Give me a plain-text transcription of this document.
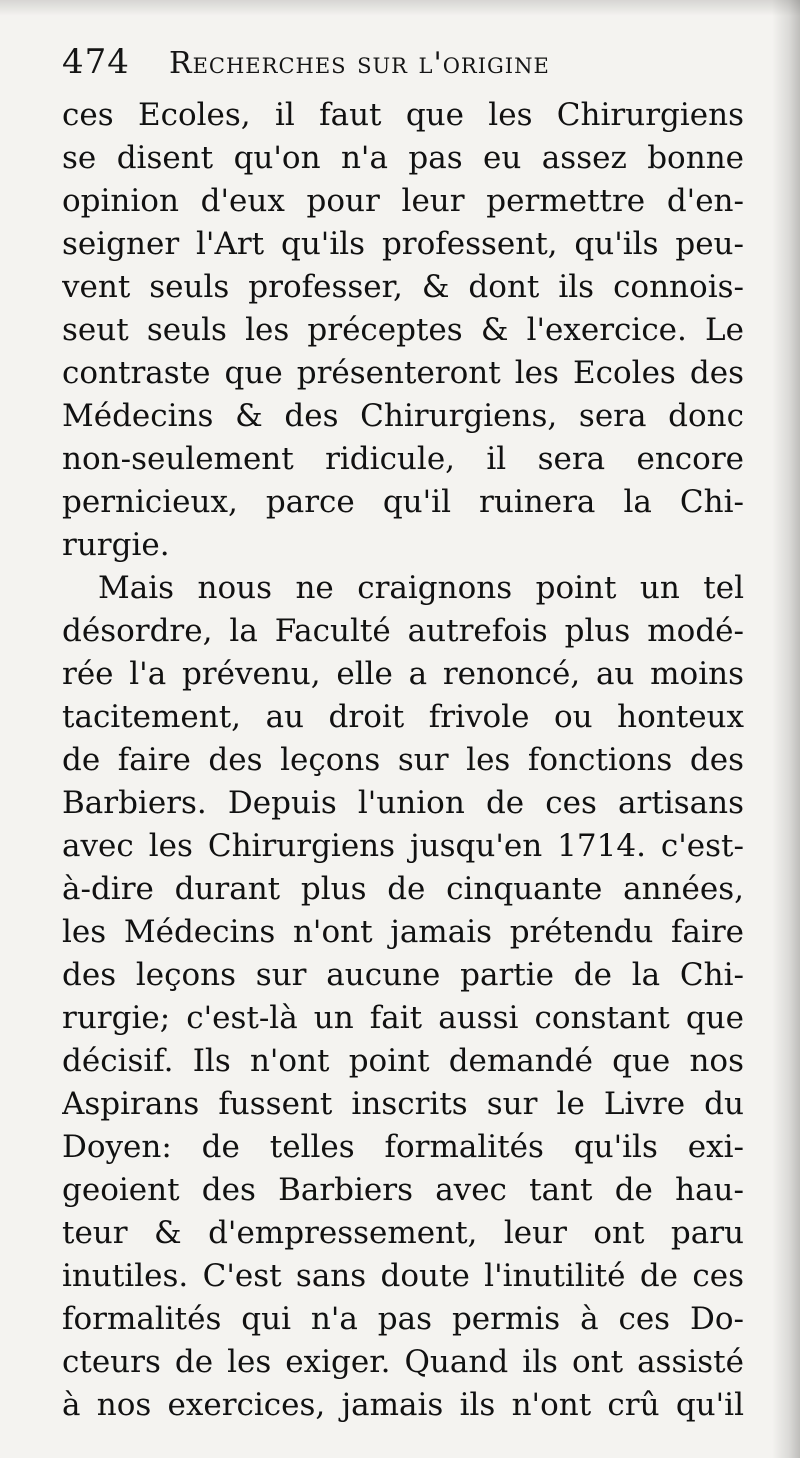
474 Recherches sur l'origine
ces Ecoles, il faut que les Chirurgiens
se disent qu'on n'a pas eu assez bonne
opinion d'eux pour leur permettre d'en-
seigner l'Art qu'ils professent, qu'ils peu-
vent seuls professer, & dont ils connois-
seut seuls les préceptes & l'exercice. Le
contraste que présenteront les Ecoles des
Médecins & des Chirurgiens, sera donc
non-seulement ridicule, il sera encore
pernicieux, parce qu'il ruinera la Chi-
rurgie.
Mais nous ne craignons point un tel
désordre, la Faculté autrefois plus modé-
rée l'a prévenu, elle a renoncé, au moins
tacitement, au droit frivole ou honteux
de faire des leçons sur les fonctions des
Barbiers. Depuis l'union de ces artisans
avec les Chirurgiens jusqu'en 1714. c'est-
à-dire durant plus de cinquante années,
les Médecins n'ont jamais prétendu faire
des leçons sur aucune partie de la Chi-
rurgie; c'est-là un fait aussi constant que
décisif. Ils n'ont point demandé que nos
Aspirans fussent inscrits sur le Livre du
Doyen: de telles formalités qu'ils exi-
geoient des Barbiers avec tant de hau-
teur & d'empressement, leur ont paru
inutiles. C'est sans doute l'inutilité de ces
formalités qui n'a pas permis à ces Do-
cteurs de les exiger. Quand ils ont assisté
à nos exercices, jamais ils n'ont crû qu'il
